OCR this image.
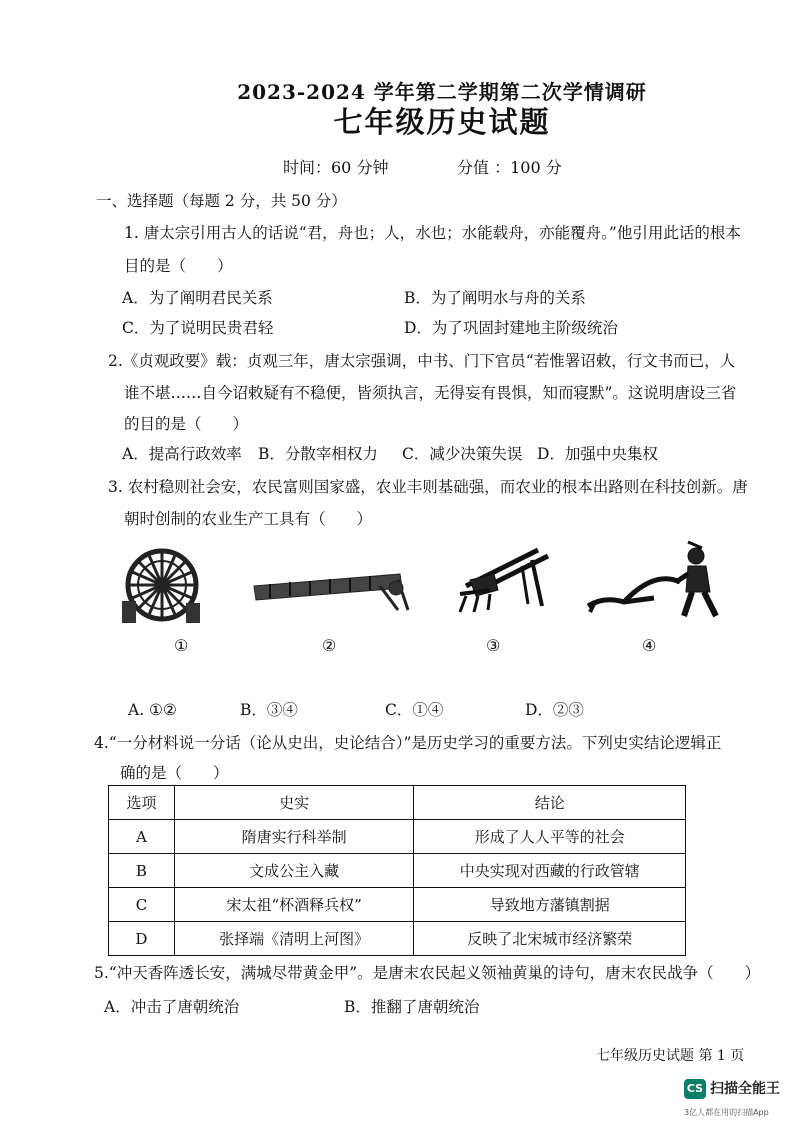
2023-2024 学年第二学期第二次学情调研
七年级历史试题
时间：60 分钟	分值 ：100 分
一、选择题（每题 2 分，共 50 分）
1. 唐太宗引用古人的话说“君，舟也；人，水也；水能载舟，亦能覆舟。”他引用此话的根本
目的是（　　）
A．为了阐明君民关系	B．为了阐明水与舟的关系
C．为了说明民贵君轻	D．为了巩固封建地主阶级统治
2.《贞观政要》载：贞观三年，唐太宗强调，中书、门下官员“若惟署诏敕，行文书而已，人
谁不堪……自今诏敕疑有不稳便，皆须执言，无得妄有畏惧，知而寝默”。这说明唐设三省
的目的是（　　）
A．提高行政效率 B．分散宰相权力 C．减少决策失误 D．加强中央集权
3. 农村稳则社会安，农民富则国家盛，农业丰则基础强，而农业的根本出路则在科技创新。唐
朝时创制的农业生产工具有（　　）
①	②	③	④
A. ①②	B．③④	C．①④	D．②③
4.“一分材料说一分话（论从史出，史论结合）”是历史学习的重要方法。下列史实结论逻辑正
确的是（　　）
选项	史实	结论
A	隋唐实行科举制	形成了人人平等的社会
B	文成公主入藏	中央实现对西藏的行政管辖
C	宋太祖“杯酒释兵权”	导致地方藩镇割据
D	张择端《清明上河图》	反映了北宋城市经济繁荣
5.“冲天香阵透长安，满城尽带黄金甲”。是唐末农民起义领袖黄巢的诗句，唐末农民战争（　　）
A．冲击了唐朝统治	B．推翻了唐朝统治
七年级历史试题 第 1 页
CS 扫描全能王
3亿人都在用的扫描App
